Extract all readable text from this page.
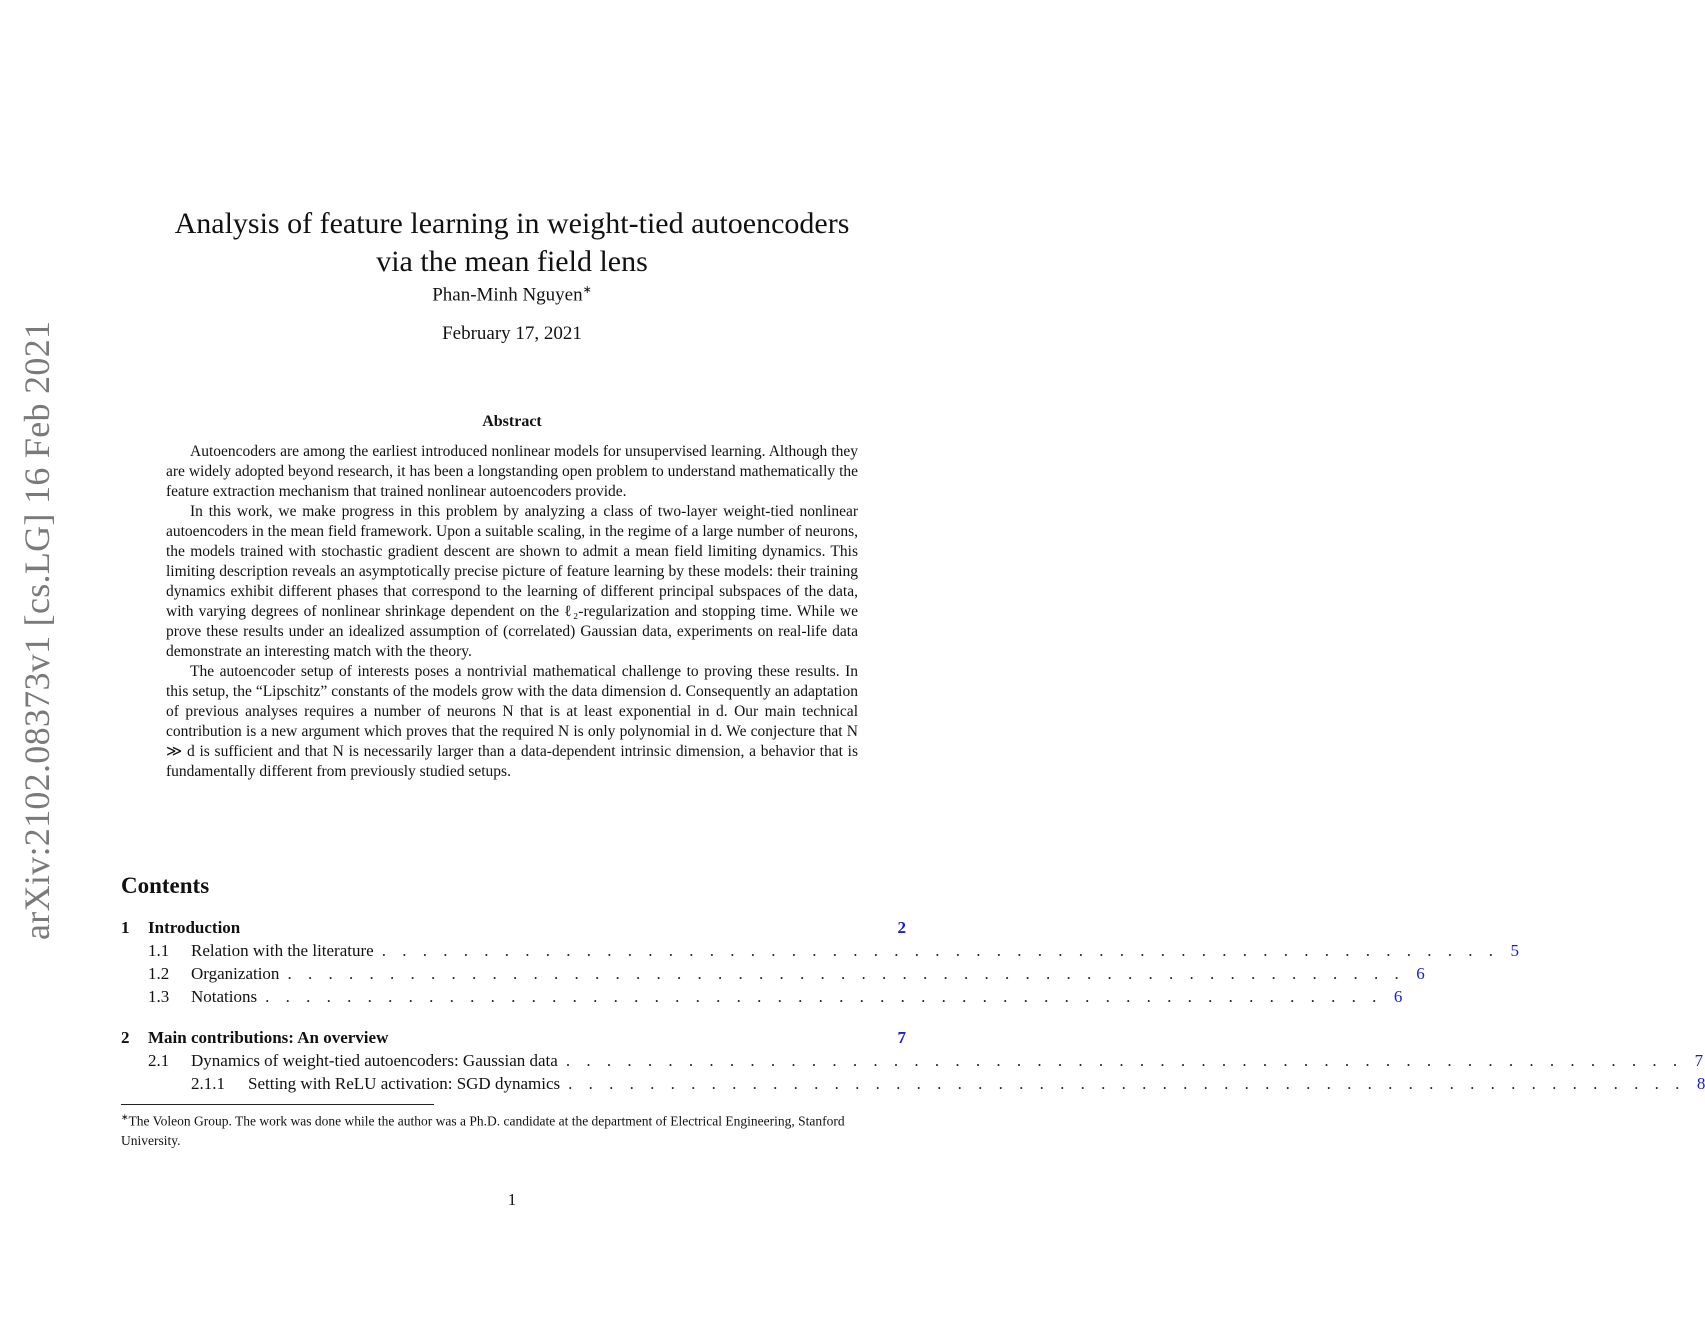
arXiv:2102.08373v1 [cs.LG] 16 Feb 2021
Analysis of feature learning in weight-tied autoencoders
via the mean field lens
Phan-Minh Nguyen∗
February 17, 2021
Abstract

Autoencoders are among the earliest introduced nonlinear models for unsupervised learning. Although they are widely adopted beyond research, it has been a longstanding open problem to understand mathematically the feature extraction mechanism that trained nonlinear autoencoders provide.

In this work, we make progress in this problem by analyzing a class of two-layer weight-tied nonlinear autoencoders in the mean field framework. Upon a suitable scaling, in the regime of a large number of neurons, the models trained with stochastic gradient descent are shown to admit a mean field limiting dynamics. This limiting description reveals an asymptotically precise picture of feature learning by these models: their training dynamics exhibit different phases that correspond to the learning of different principal subspaces of the data, with varying degrees of nonlinear shrinkage dependent on the ℓ₂-regularization and stopping time. While we prove these results under an idealized assumption of (correlated) Gaussian data, experiments on real-life data demonstrate an interesting match with the theory.

The autoencoder setup of interests poses a nontrivial mathematical challenge to proving these results. In this setup, the “Lipschitz” constants of the models grow with the data dimension d. Consequently an adaptation of previous analyses requires a number of neurons N that is at least exponential in d. Our main technical contribution is a new argument which proves that the required N is only polynomial in d. We conjecture that N ≫ d is sufficient and that N is necessarily larger than a data-dependent intrinsic dimension, a behavior that is fundamentally different from previously studied setups.

Contents
1	Introduction	2
1.1	Relation with the literature . . . . . . . . . . . . . . . . . . . . . . . . . . . . . . . . . . . . . . . . . . . . . . . . . . . . . . . 5
1.2	Organization . . . . . . . . . . . . . . . . . . . . . . . . . . . . . . . . . . . . . . . . . . . . . . . . . . . . . . . 6
1.3	Notations . . . . . . . . . . . . . . . . . . . . . . . . . . . . . . . . . . . . . . . . . . . . . . . . . . . . . . . 6
2	Main contributions: An overview	7
2.1	Dynamics of weight-tied autoencoders: Gaussian data . . . . . . . . . . . . . . . . . . . . . . . . . . . . . . . . . . . . . . . . . . . . . . . . . . . . . . . 7
2.1.1	Setting with ReLU activation: SGD dynamics . . . . . . . . . . . . . . . . . . . . . . . . . . . . . . . . . . . . . . . . . . . . . . . . . . . . . . . 8
∗The Voleon Group. The work was done while the author was a Ph.D. candidate at the department of Electrical Engineering, Stanford University.
1
